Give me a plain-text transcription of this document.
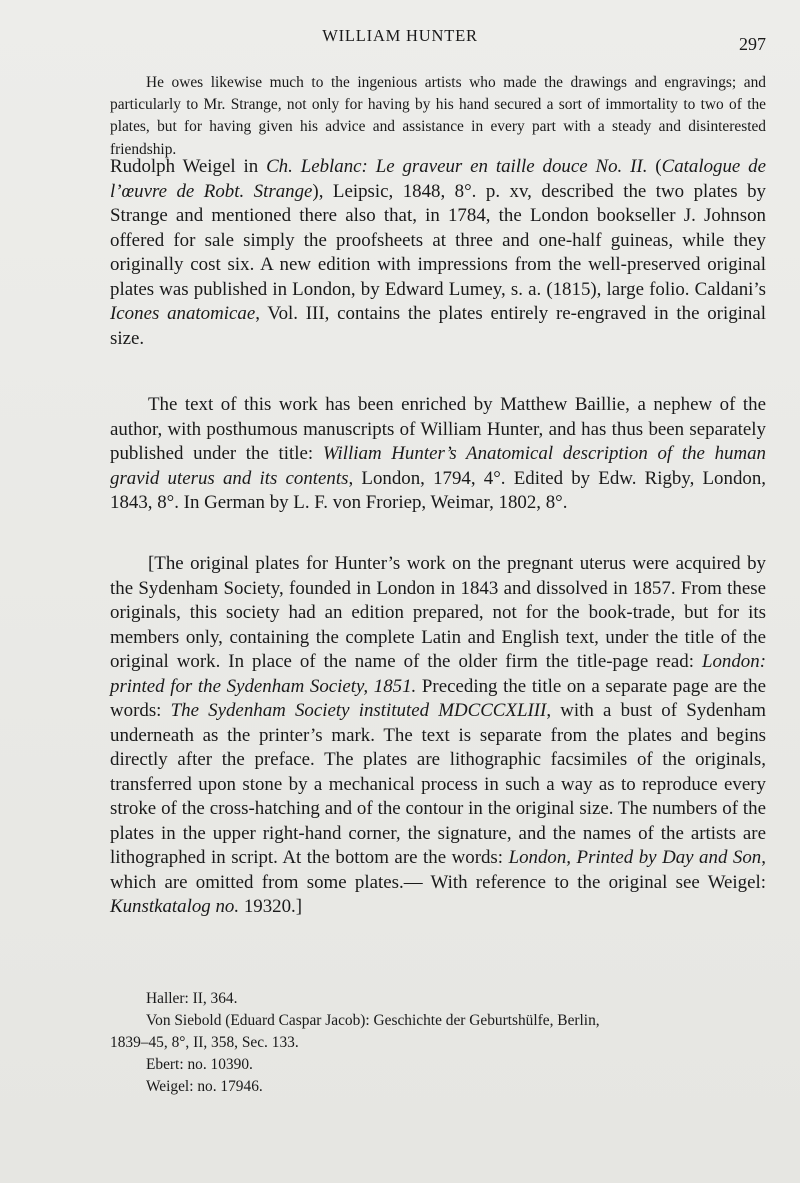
WILLIAM HUNTER	297

He owes likewise much to the ingenious artists who made the drawings and engravings; and particularly to Mr. Strange, not only for having by his hand secured a sort of immortality to two of the plates, but for having given his advice and assistance in every part with a steady and disinterested friendship.

Rudolph Weigel in Ch. Leblanc: Le graveur en taille douce No. II. (Catalogue de l’œuvre de Robt. Strange), Leipsic, 1848, 8°. p. xv, described the two plates by Strange and mentioned there also that, in 1784, the London bookseller J. Johnson offered for sale simply the proofsheets at three and one-half guineas, while they originally cost six. A new edition with impressions from the well-preserved original plates was published in London, by Edward Lumey, s. a. (1815), large folio. Caldani’s Icones anatomicae, Vol. III, contains the plates entirely re-engraved in the original size.

The text of this work has been enriched by Matthew Baillie, a nephew of the author, with posthumous manuscripts of William Hunter, and has thus been separately published under the title: William Hunter’s Anatomical description of the human gravid uterus and its contents, London, 1794, 4°. Edited by Edw. Rigby, London, 1843, 8°. In German by L. F. von Froriep, Weimar, 1802, 8°.

[The original plates for Hunter’s work on the pregnant uterus were acquired by the Sydenham Society, founded in London in 1843 and dissolved in 1857. From these originals, this society had an edition prepared, not for the book-trade, but for its members only, containing the complete Latin and English text, under the title of the original work. In place of the name of the older firm the title-page read: London: printed for the Sydenham Society, 1851. Preceding the title on a separate page are the words: The Sydenham Society instituted MDCCCXLIII, with a bust of Sydenham underneath as the printer’s mark. The text is separate from the plates and begins directly after the preface. The plates are lithographic facsimiles of the originals, transferred upon stone by a mechanical process in such a way as to reproduce every stroke of the cross-hatching and of the contour in the original size. The numbers of the plates in the upper right-hand corner, the signature, and the names of the artists are lithographed in script. At the bottom are the words: London, Printed by Day and Son, which are omitted from some plates.— With reference to the original see Weigel: Kunstkatalog no. 19320.]

Haller: II, 364.
Von Siebold (Eduard Caspar Jacob): Geschichte der Geburtshülfe, Berlin,
1839–45, 8°, II, 358, Sec. 133.
Ebert: no. 10390.
Weigel: no. 17946.
